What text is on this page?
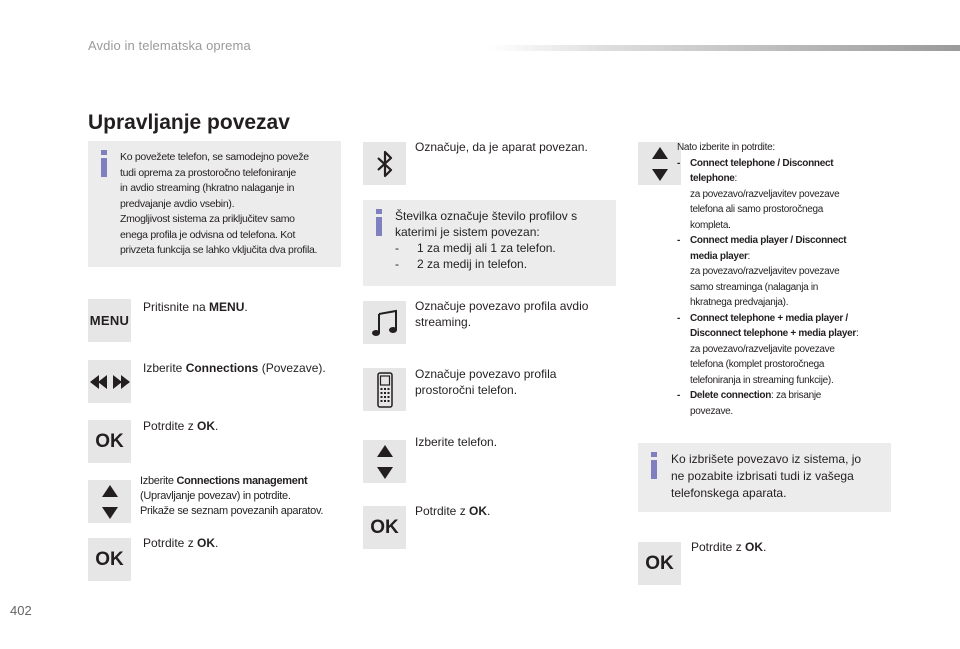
Avdio in telematska oprema
402
Upravljanje povezav
Ko povežete telefon, se samodejno poveže
tudi oprema za prostoročno telefoniranje
in avdio streaming (hkratno nalaganje in
predvajanje avdio vsebin).
Zmogljivost sistema za priključitev samo
enega profila je odvisna od telefona. Kot
privzeta funkcija se lahko vključita dva profila.
MENU
Pritisnite na MENU.
Izberite Connections (Povezave).
OK
Potrdite z OK.
Izberite Connections management
(Upravljanje povezav) in potrdite.
Prikaže se seznam povezanih aparatov.
OK
Potrdite z OK.
Označuje, da je aparat povezan.
Številka označuje število profilov s
katerimi je sistem povezan:
-	1 za medij ali 1 za telefon.
-	2 za medij in telefon.
Označuje povezavo profila avdio
streaming.
Označuje povezavo profila
prostoročni telefon.
Izberite telefon.
OK
Potrdite z OK.
Nato izberite in potrdite:
- Connect telephone / Disconnect
telephone:
za povezavo/razveljavitev povezave
telefona ali samo prostoročnega
kompleta.
- Connect media player / Disconnect
media player:
za povezavo/razveljavitev povezave
samo streaminga (nalaganja in
hkratnega predvajanja).
- Connect telephone + media player /
Disconnect telephone + media player:
za povezavo/razveljavite povezave
telefona (komplet prostoročnega
telefoniranja in streaming funkcije).
- Delete connection: za brisanje
povezave.
Ko izbrišete povezavo iz sistema, jo
ne pozabite izbrisati tudi iz vašega
telefonskega aparata.
OK
Potrdite z OK.
